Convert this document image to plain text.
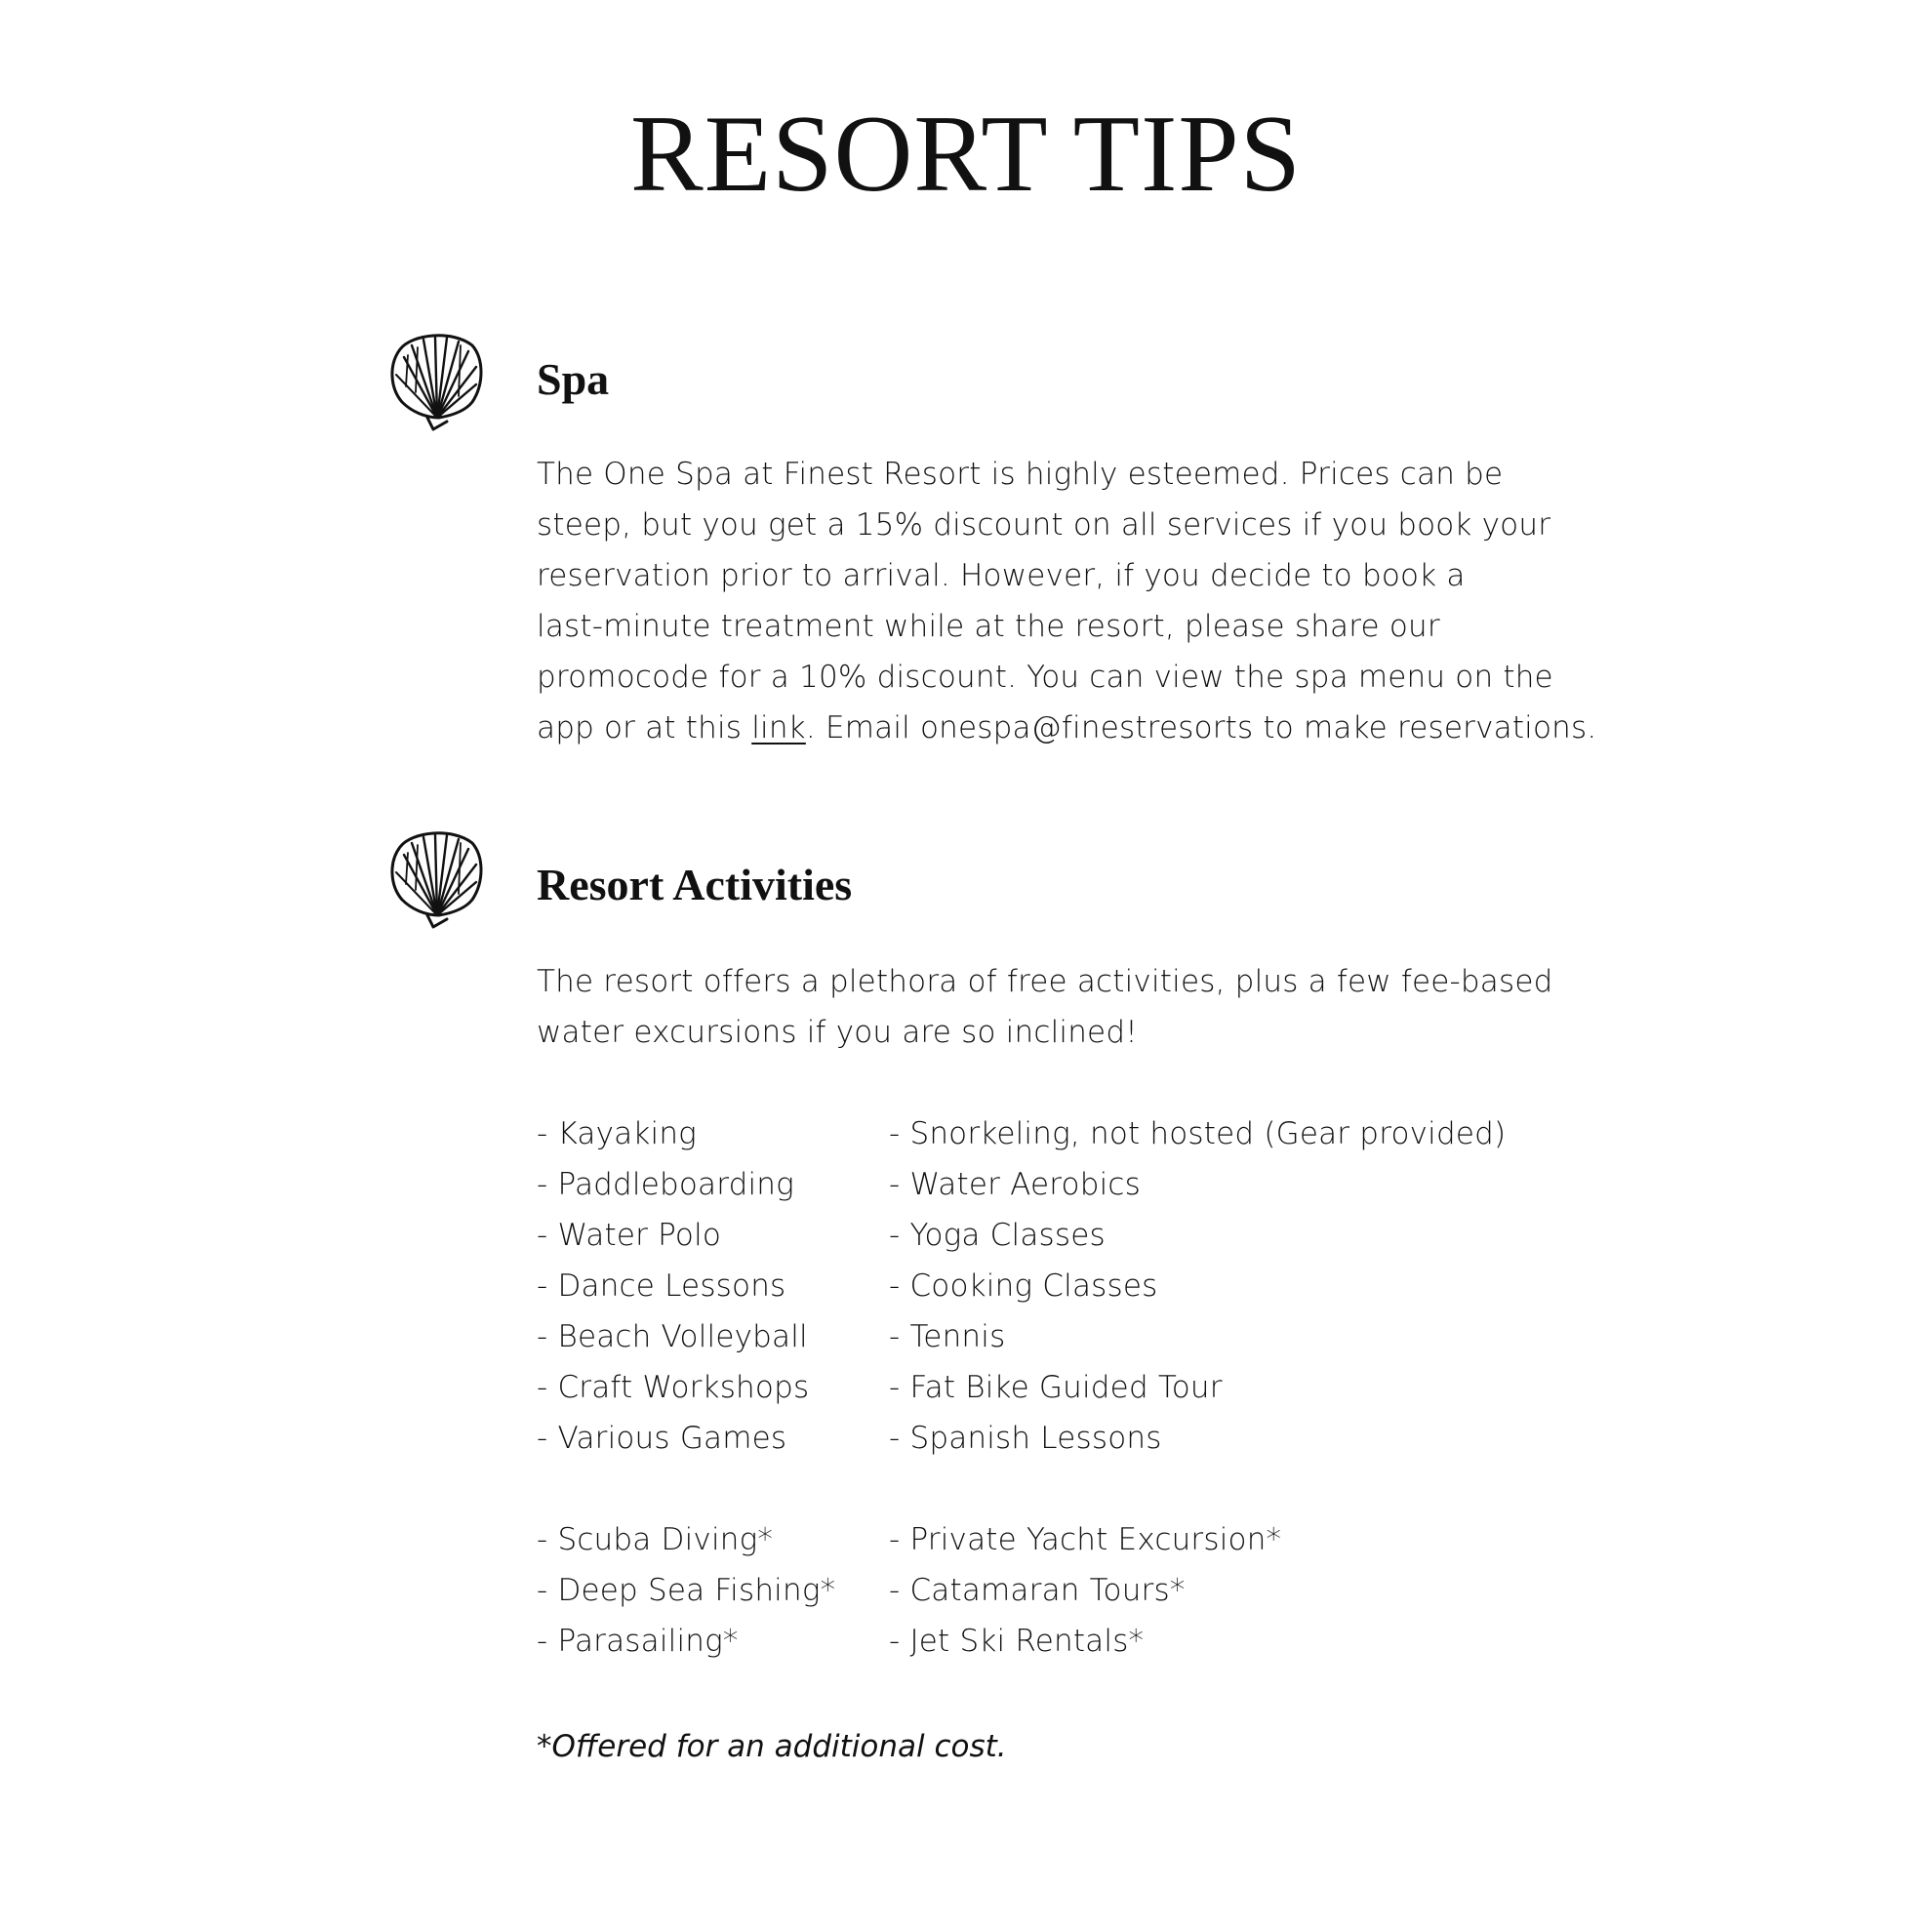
RESORT TIPS
Spa

The One Spa at Finest Resort is highly esteemed. Prices can be
steep, but you get a 15% discount on all services if you book your
reservation prior to arrival. However, if you decide to book a
last-minute treatment while at the resort, please share our
promocode for a 10% discount. You can view the spa menu on the
app or at this link. Email onespa@finestresorts to make reservations.

Resort Activities

The resort offers a plethora of free activities, plus a few fee-based
water excursions if you are so inclined!

- Kayaking
- Paddleboarding
- Water Polo
- Dance Lessons
- Beach Volleyball
- Craft Workshops
- Various Games
- Snorkeling, not hosted (Gear provided)
- Water Aerobics
- Yoga Classes
- Cooking Classes
- Tennis
- Fat Bike Guided Tour
- Spanish Lessons
- Scuba Diving*
- Deep Sea Fishing*
- Parasailing*
- Private Yacht Excursion*
- Catamaran Tours*
- Jet Ski Rentals*

*Offered for an additional cost.
